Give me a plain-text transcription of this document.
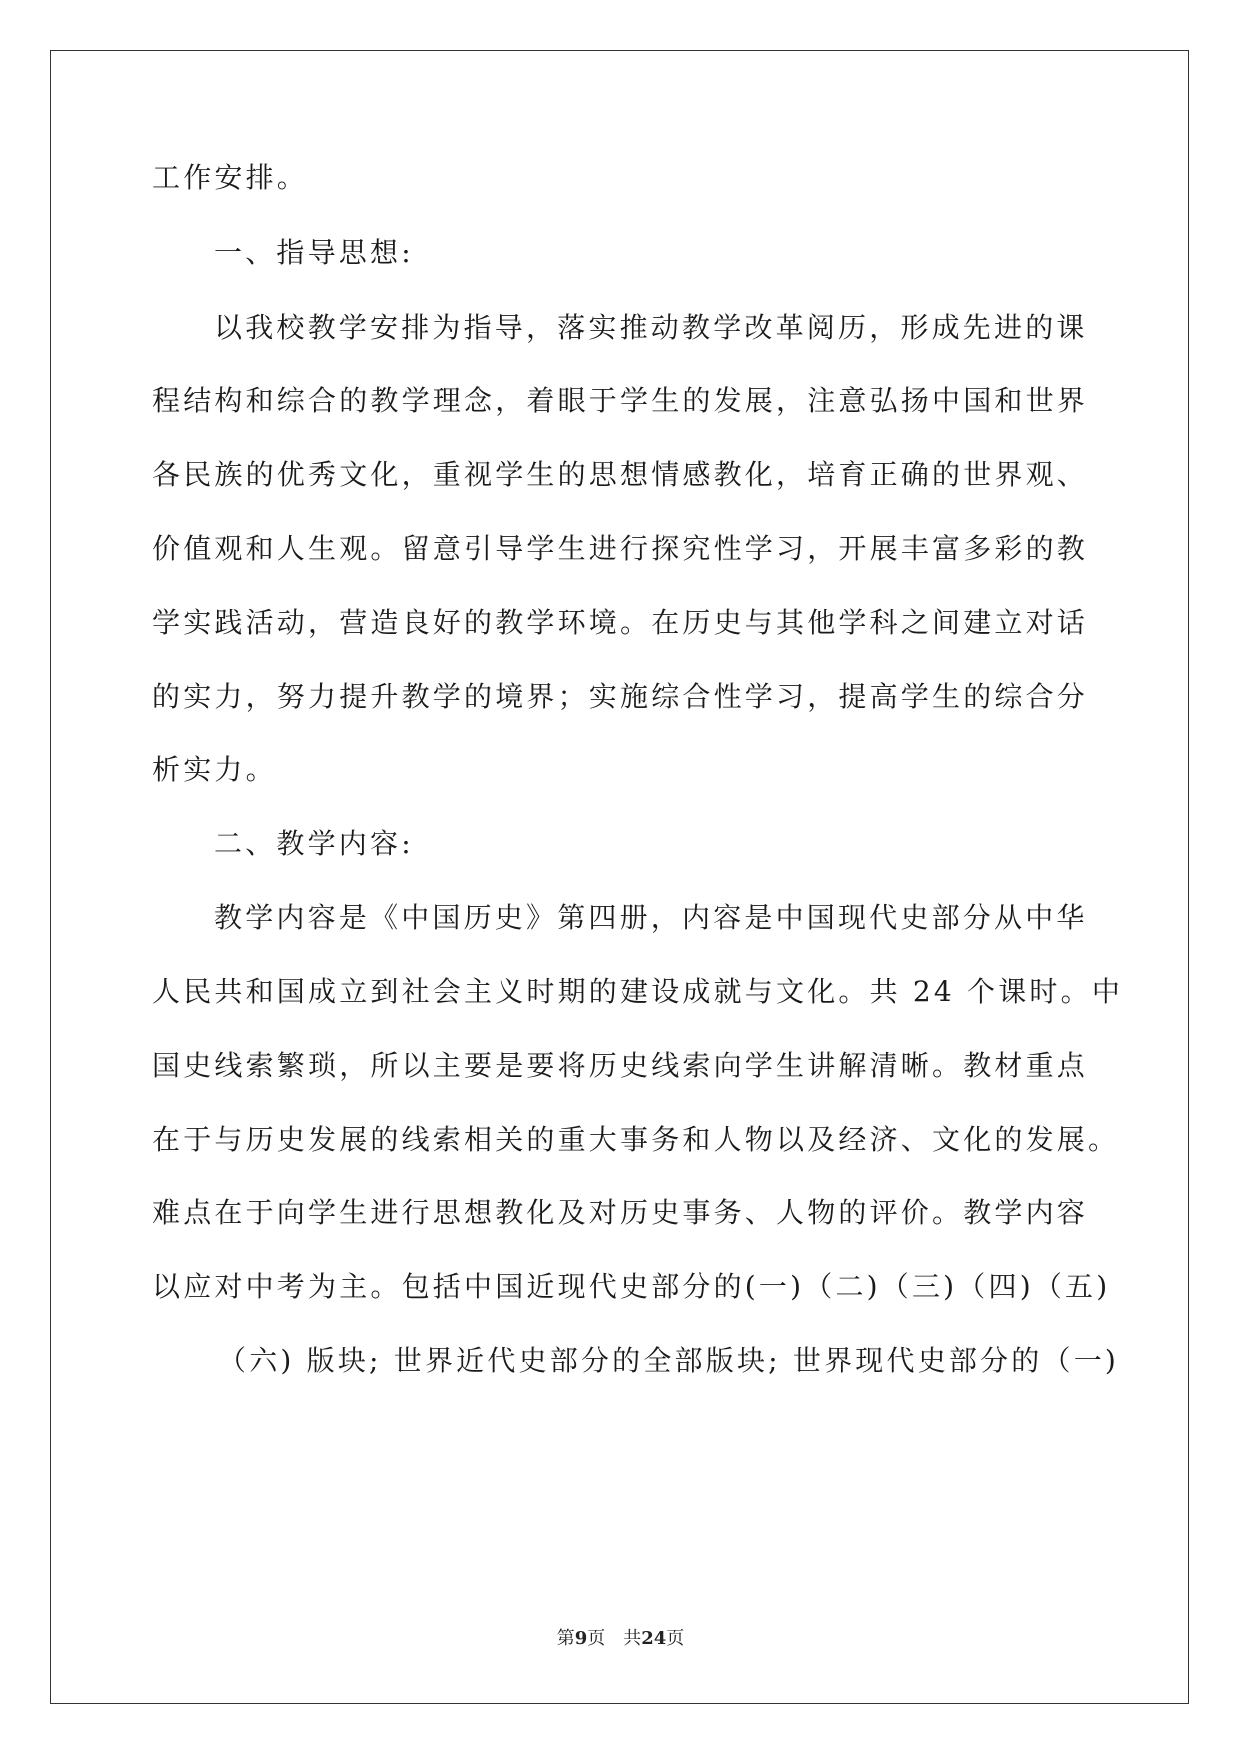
工作安排。
一、指导思想:
以我校教学安排为指导，落实推动教学改革阅历，形成先进的课
程结构和综合的教学理念，着眼于学生的发展，注意弘扬中国和世界
各民族的优秀文化，重视学生的思想情感教化，培育正确的世界观、
价值观和人生观。留意引导学生进行探究性学习，开展丰富多彩的教
学实践活动，营造良好的教学环境。在历史与其他学科之间建立对话
的实力，努力提升教学的境界；实施综合性学习，提高学生的综合分
析实力。
二、教学内容:
教学内容是《中国历史》第四册，内容是中国现代史部分从中华
人民共和国成立到社会主义时期的建设成就与文化。共 24 个课时。中
国史线索繁琐，所以主要是要将历史线索向学生讲解清晰。教材重点
在于与历史发展的线索相关的重大事务和人物以及经济、文化的发展。
难点在于向学生进行思想教化及对历史事务、人物的评价。教学内容
以应对中考为主。包括中国近现代史部分的(一)（二)（三)（四)（五)
（六) 版块; 世界近代史部分的全部版块; 世界现代史部分的（一)
第9页　共24页
